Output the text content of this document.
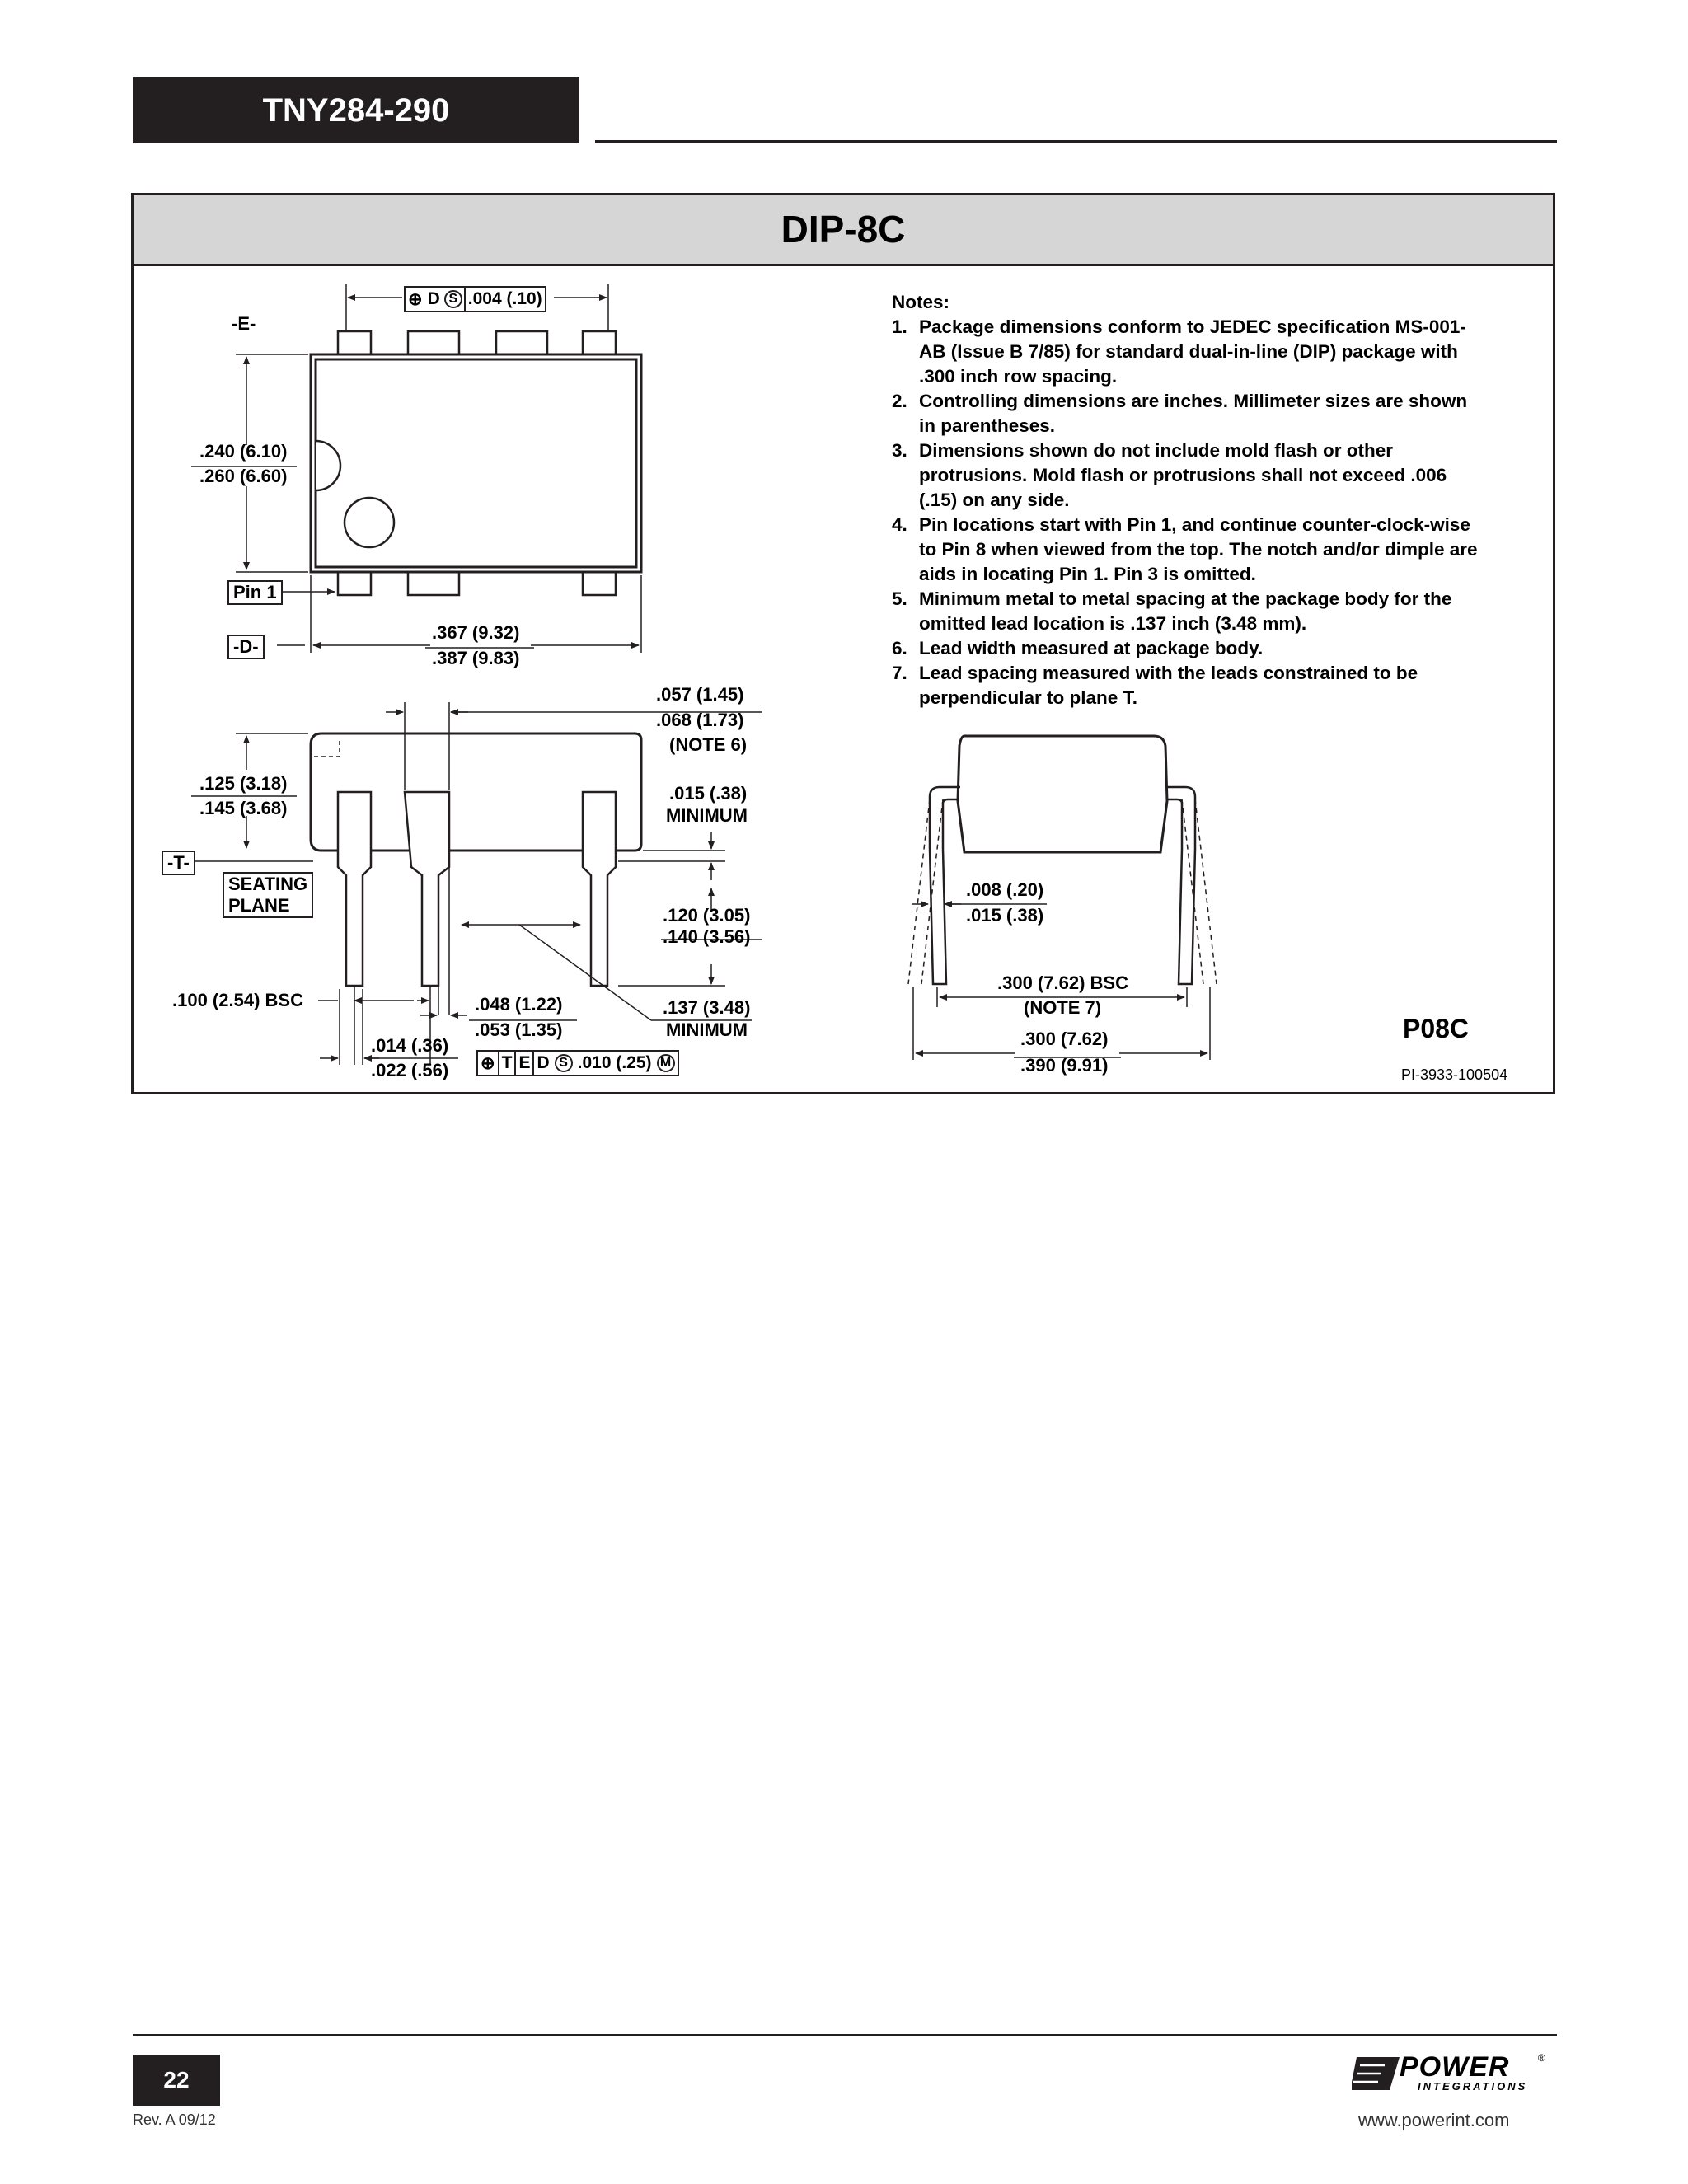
TNY284-290
DIP-8C
⊕ D S .004 (.10)
-E-
.240 (6.10)
.260 (6.60)
Pin 1
-D-
.367 (9.32)
.387 (9.83)
.057 (1.45)
.068 (1.73)
(NOTE 6)
.125 (3.18)
.145 (3.68)
.015 (.38)
MINIMUM
-T-
SEATING
PLANE	.120 (3.05)
.140 (3.56)
.100 (2.54) BSC	.048 (1.22)
.053 (1.35)
.137 (3.48)
MINIMUM
.014 (.36)
.022 (.56) ⊕ T E D S .010 (.25) M
.008 (.20)
.015 (.38)
.300 (7.62) BSC
(NOTE 7)
.300 (7.62)
.390 (9.91)
Notes:
1. Package dimensions conform to JEDEC specification MS-001-AB (Issue B 7/85) for standard dual-in-line (DIP) package with .300 inch row spacing.
2. Controlling dimensions are inches. Millimeter sizes are shown in parentheses.
3. Dimensions shown do not include mold flash or other protrusions. Mold flash or protrusions shall not exceed .006 (.15) on any side.
4. Pin locations start with Pin 1, and continue counter-clock-wise to Pin 8 when viewed from the top. The notch and/or dimple are aids in locating Pin 1. Pin 3 is omitted.
5. Minimum metal to metal spacing at the package body for the omitted lead location is .137 inch (3.48 mm).
6. Lead width measured at package body.
7. Lead spacing measured with the leads constrained to be perpendicular to plane T.
P08C
PI-3933-100504
22
Rev. A 09/12
POWER	®
INTEGRATIONS
www.powerint.com
